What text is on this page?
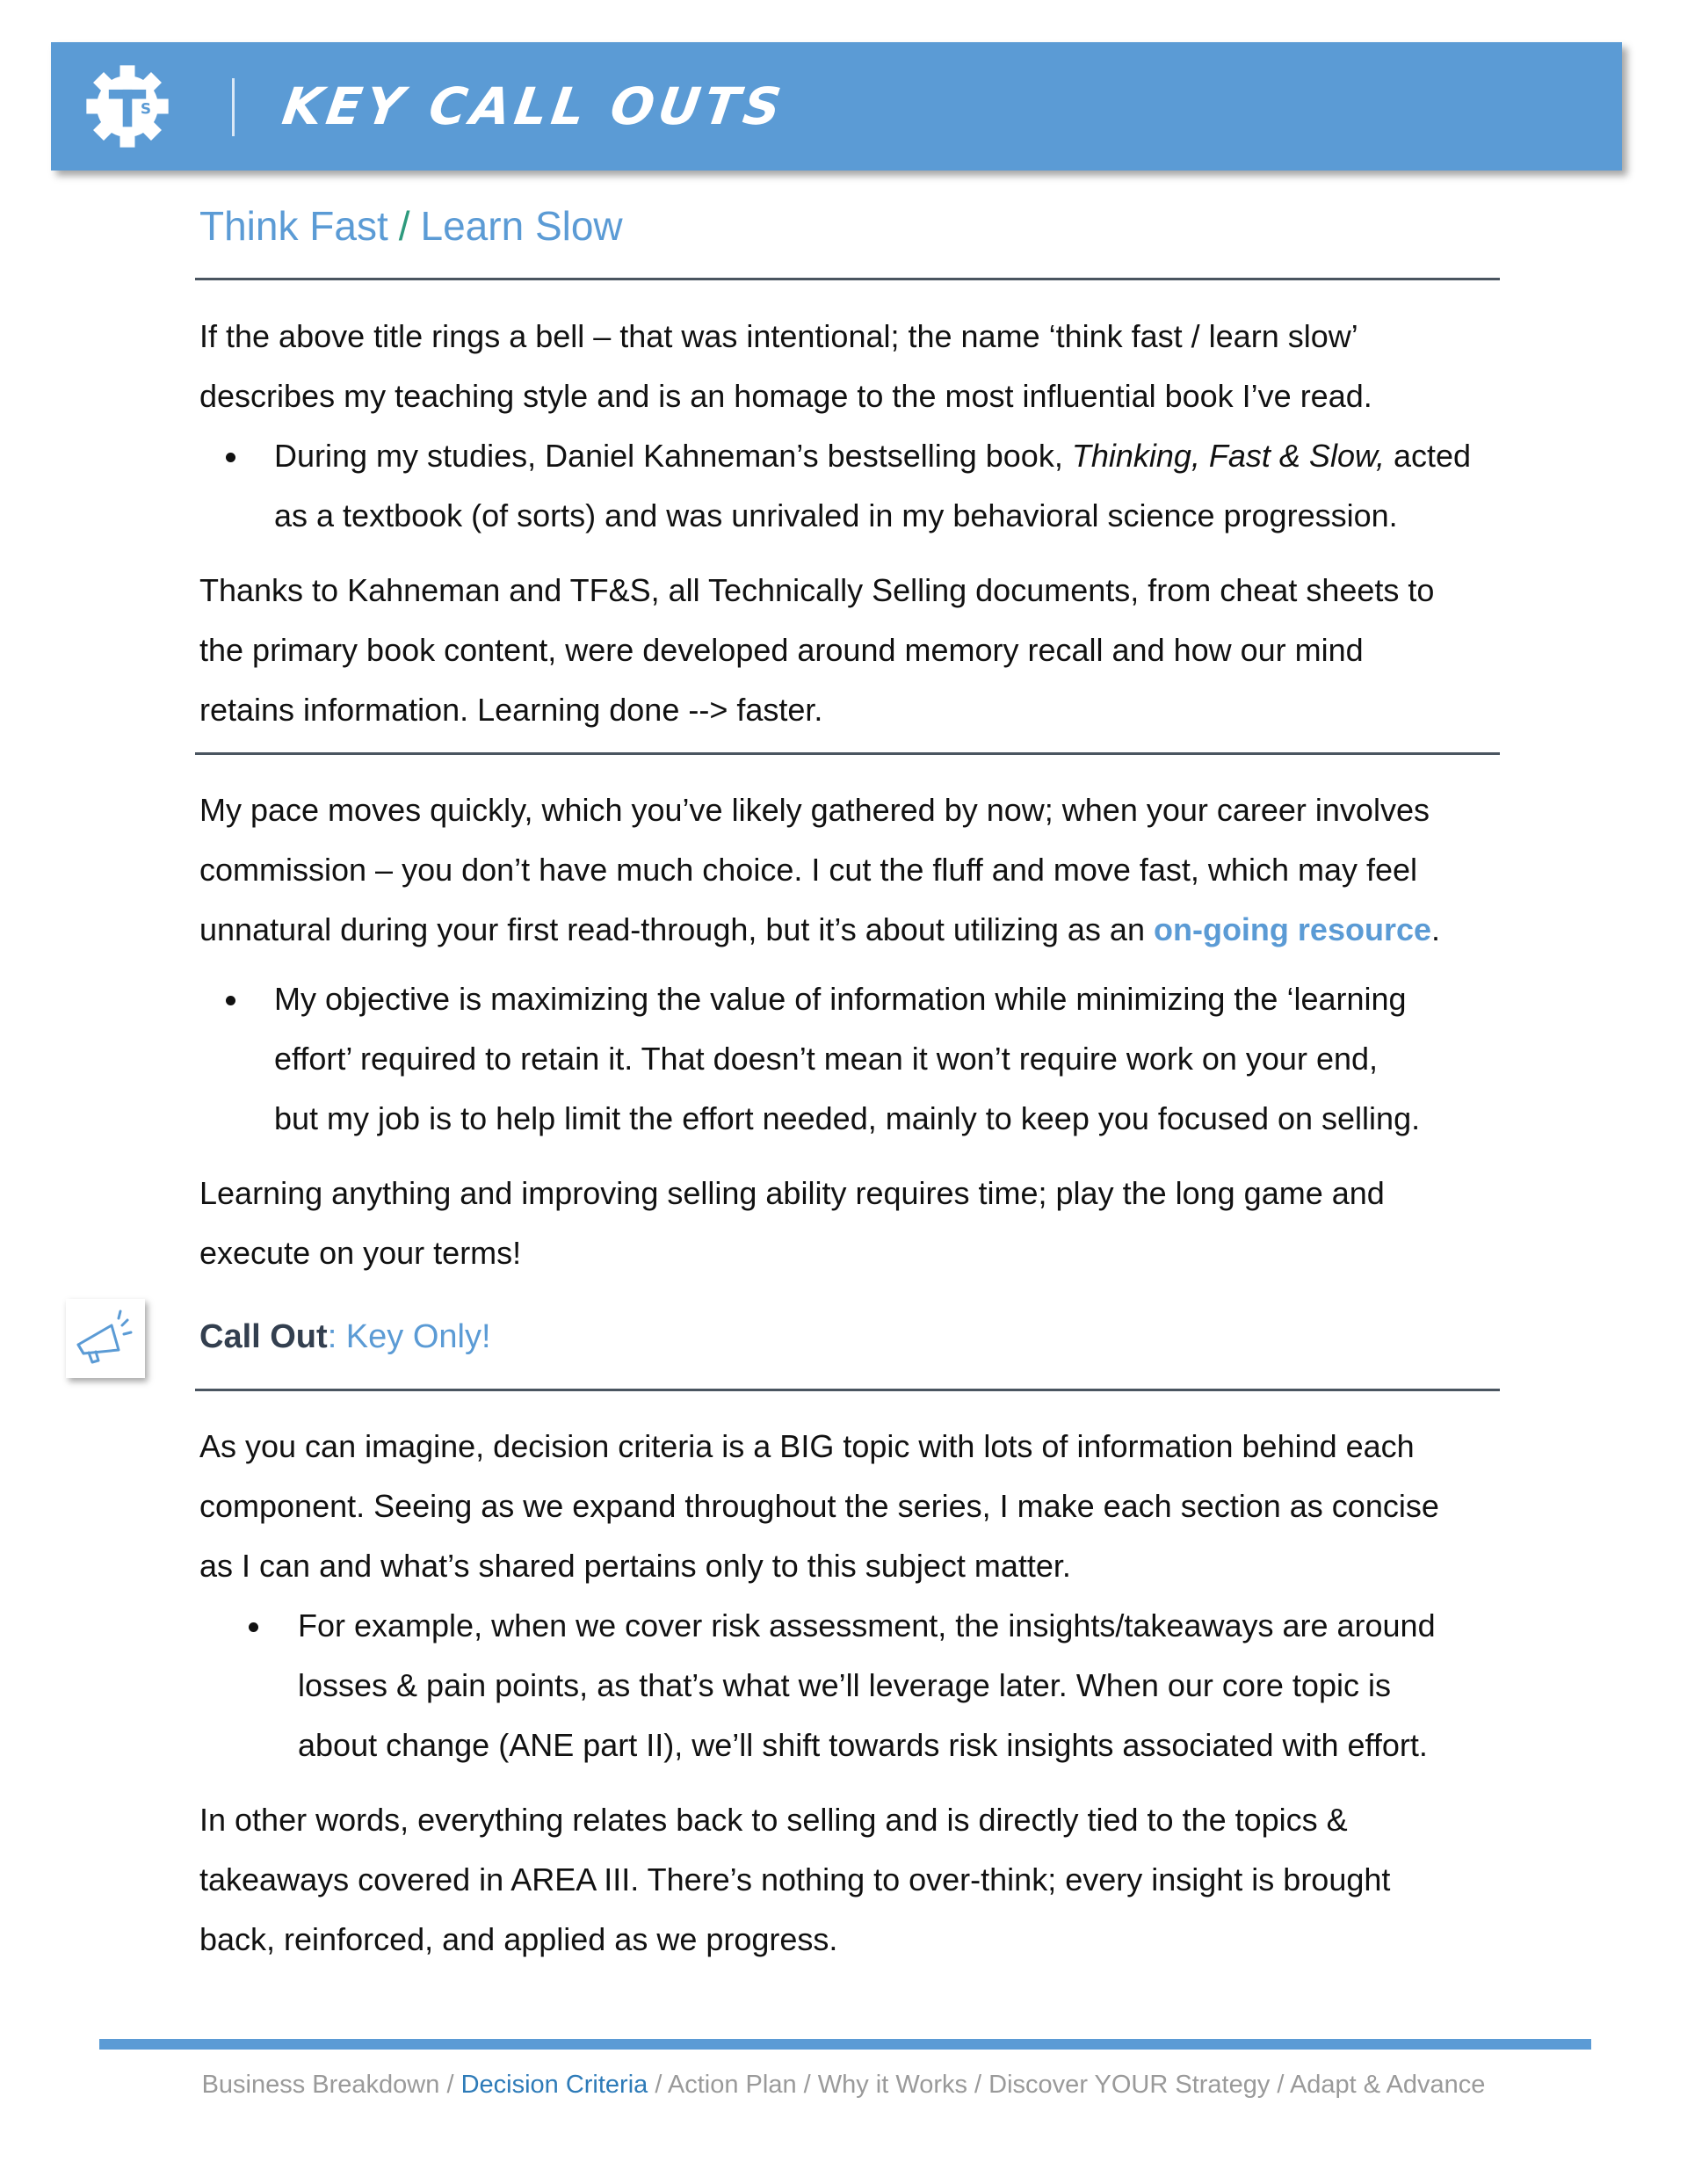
S	KEY CALL OUTS
Think Fast / Learn Slow
If the above title rings a bell – that was intentional; the name ‘think fast / learn slow’
describes my teaching style and is an homage to the most influential book I’ve read.
During my studies, Daniel Kahneman’s bestselling book, Thinking, Fast & Slow, acted
as a textbook (of sorts) and was unrivaled in my behavioral science progression.
Thanks to Kahneman and TF&S, all Technically Selling documents, from cheat sheets to
the primary book content, were developed around memory recall and how our mind
retains information. Learning done --> faster.
My pace moves quickly, which you’ve likely gathered by now; when your career involves
commission – you don’t have much choice. I cut the fluff and move fast, which may feel
unnatural during your first read-through, but it’s about utilizing as an on-going resource.
My objective is maximizing the value of information while minimizing the ‘learning
effort’ required to retain it. That doesn’t mean it won’t require work on your end,
but my job is to help limit the effort needed, mainly to keep you focused on selling.
Learning anything and improving selling ability requires time; play the long game and
execute on your terms!
Call Out: Key Only!
As you can imagine, decision criteria is a BIG topic with lots of information behind each
component. Seeing as we expand throughout the series, I make each section as concise
as I can and what’s shared pertains only to this subject matter.
For example, when we cover risk assessment, the insights/takeaways are around
losses & pain points, as that’s what we’ll leverage later. When our core topic is
about change (ANE part II), we’ll shift towards risk insights associated with effort.
In other words, everything relates back to selling and is directly tied to the topics &
takeaways covered in AREA III. There’s nothing to over-think; every insight is brought
back, reinforced, and applied as we progress.
Business Breakdown / Decision Criteria / Action Plan / Why it Works / Discover YOUR Strategy / Adapt & Advance
